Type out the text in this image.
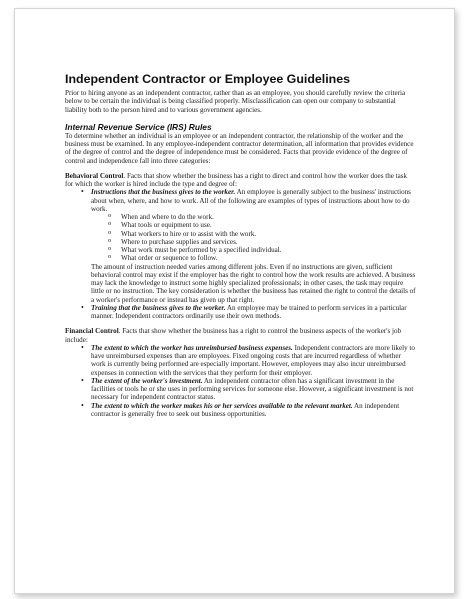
Independent Contractor or Employee Guidelines

Prior to hiring anyone as an independent contractor, rather than as an employee, you should carefully review the criteria below to be certain the individual is being classified properly. Misclassification can open our company to substantial liability both to the person hired and to various government agencies.

Internal Revenue Service (IRS) Rules

To determine whether an individual is an employee or an independent contractor, the relationship of the worker and the business must be examined. In any employee-independent contractor determination, all information that provides evidence of the degree of control and the degree of independence must be considered. Facts that provide evidence of the degree of control and independence fall into three categories:

Behavioral Control. Facts that show whether the business has a right to direct and control how the worker does the task for which the worker is hired include the type and degree of:

• Instructions that the business gives to the worker. An employee is generally subject to the business' instructions about when, where, and how to work. All of the following are examples of types of instructions about how to do work.
o When and where to do the work.
o What tools or equipment to use.
o What workers to hire or to assist with the work.
o Where to purchase supplies and services.
o What work must be performed by a specified individual.
o What order or sequence to follow.

The amount of instruction needed varies among different jobs. Even if no instructions are given, sufficient behavioral control may exist if the employer has the right to control how the work results are achieved. A business may lack the knowledge to instruct some highly specialized professionals; in other cases, the task may require little or no instruction. The key consideration is whether the business has retained the right to control the details of a worker's performance or instead has given up that right.

• Training that the business gives to the worker. An employee may be trained to perform services in a particular manner. Independent contractors ordinarily use their own methods.

Financial Control. Facts that show whether the business has a right to control the business aspects of the worker's job include:

• The extent to which the worker has unreimbursed business expenses. Independent contractors are more likely to have unreimbursed expenses than are employees. Fixed ongoing costs that are incurred regardless of whether work is currently being performed are especially important. However, employees may also incur unreimbursed expenses in connection with the services that they perform for their employer.
• The extent of the worker's investment. An independent contractor often has a significant investment in the facilities or tools he or she uses in performing services for someone else. However, a significant investment is not necessary for independent contractor status.
• The extent to which the worker makes his or her services available to the relevant market. An independent contractor is generally free to seek out business opportunities.
